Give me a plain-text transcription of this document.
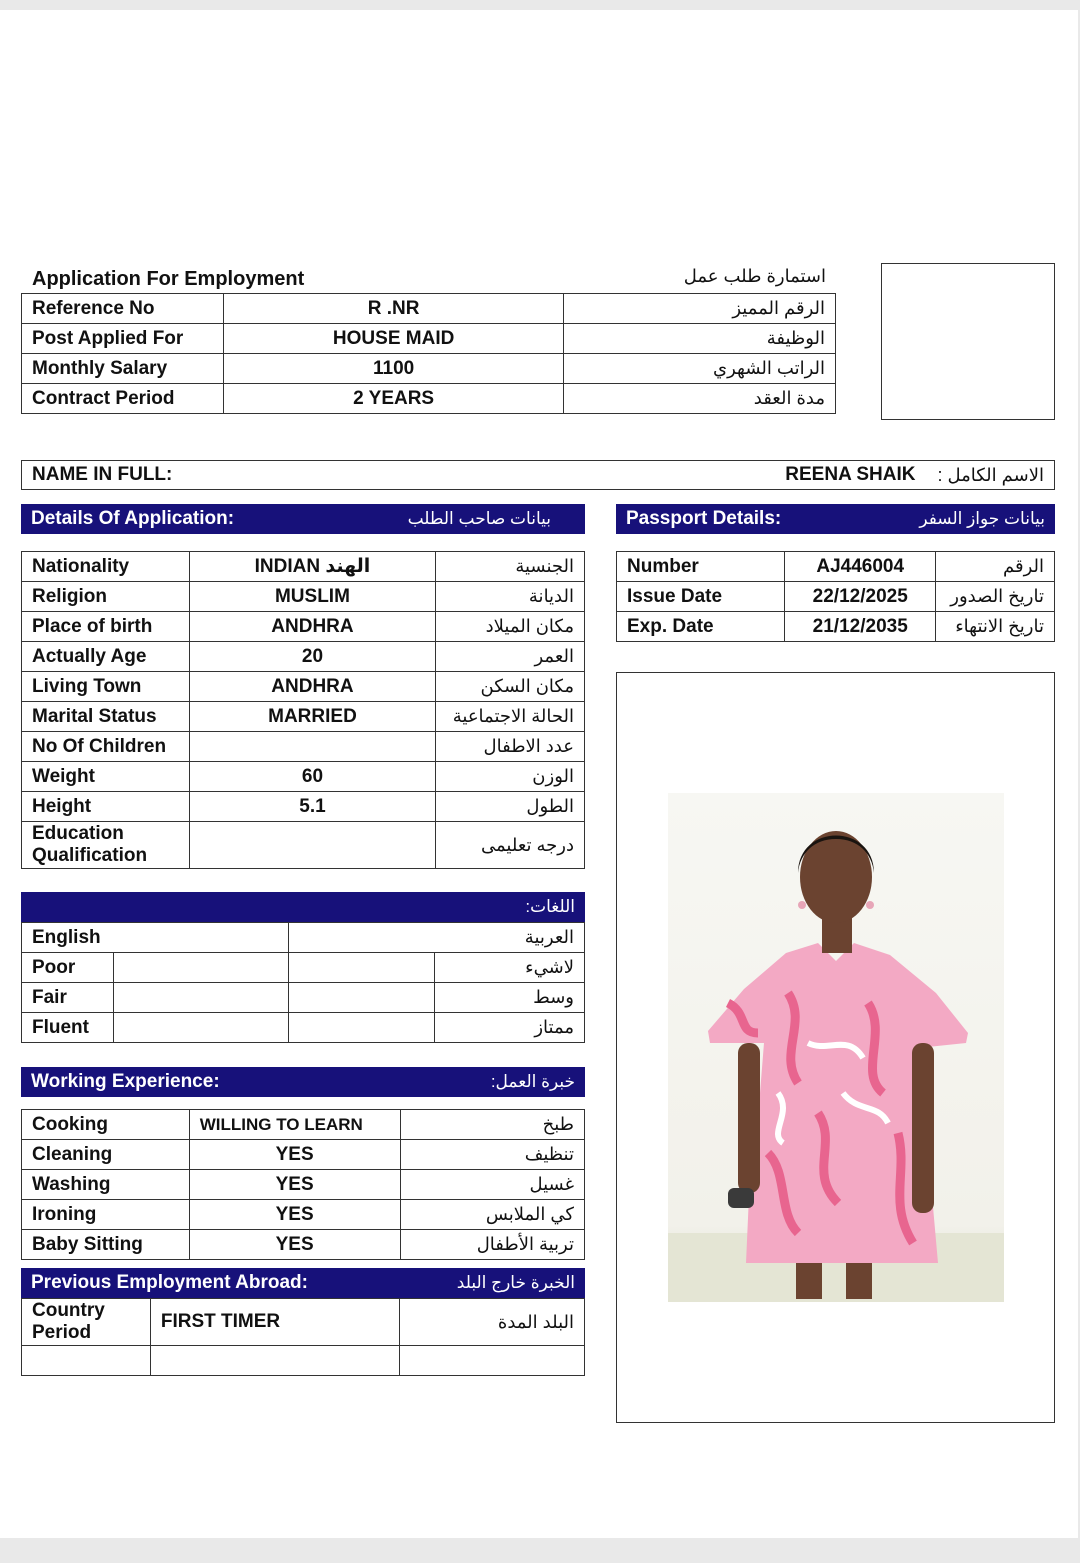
Application For Employment	استمارة طلب عمل
Reference No	R .NR	الرقم المميز
Post Applied For	HOUSE MAID	الوظيفة
Monthly Salary	1100	الراتب الشهري
Contract Period	2 YEARS	مدة العقد
NAME IN FULL:	REENA SHAIK الاسم الكامل :
Details Of Application:	بيانات صاحب الطلب	Passport Details:	بيانات جواز السفر
Nationality	INDIAN الهند	الجنسية
Religion	MUSLIM	الديانة
Place of birth	ANDHRA	مكان الميلاد
Actually Age	20	العمر
Living Town	ANDHRA	مكان السكن
Marital Status	MARRIED	الحالة الاجتماعية
No Of Children		عدد الاطفال
Weight	60	الوزن
Height	5.1	الطول

Education
Qualification		درجه تعليمى
Number	AJ446004	الرقم
Issue Date	22/12/2025	تاريخ الصدور
Exp. Date	21/12/2035	تاريخ الانتهاء
اللغات:
English		العربية	
Poor			لاشيء
Fair			وسط
Fluent			ممتاز
Working Experience:	خبرة العمل:
Cooking	WILLING TO LEARN	طبخ
Cleaning	YES	تنظيف
Washing	YES	غسيل
Ironing	YES	كي الملابس
Baby Sitting	YES	تربية الأطفال
Previous Employment Abroad:	الخبرة خارج البلد
Country
Period	FIRST TIMER	البلد المدة
